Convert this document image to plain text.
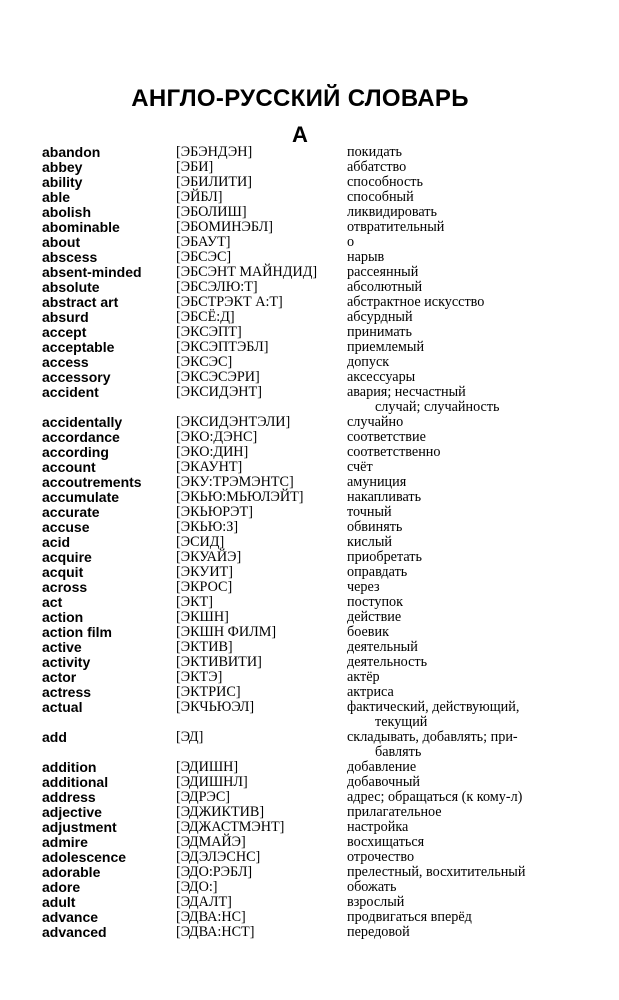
АНГЛО-РУССКИЙ СЛОВАРЬ
A
abandon	[ЭБЭНДЭН]	покидать
abbey	[ЭБИ]	аббатство
ability	[ЭБИЛИТИ]	способность
able	[ЭЙБЛ]	способный
abolish	[ЭБОЛИШ]	ликвидировать
abominable	[ЭБОМИНЭБЛ]	отвратительный
about	[ЭБАУТ]	о
abscess	[ЭБСЭС]	нарыв
absent-minded	[ЭБСЭНТ МАЙНДИД]	рассеянный
absolute	[ЭБСЭЛЮ:Т]	абсолютный
abstract art	[ЭБСТРЭКТ А:Т]	абстрактное искусство
absurd	[ЭБСЁ:Д]	абсурдный
accept	[ЭКСЭПТ]	принимать
acceptable	[ЭКСЭПТЭБЛ]	приемлемый
access	[ЭКСЭС]	допуск
accessory	[ЭКСЭСЭРИ]	аксессуары
accident	[ЭКСИДЭНТ]	авария; несчастный
случай; случайность
accidentally	[ЭКСИДЭНТЭЛИ]	случайно
accordance	[ЭКО:ДЭНС]	соответствие
according	[ЭКО:ДИН]	соответственно
account	[ЭКАУНТ]	счёт
accoutrements	[ЭКУ:ТРЭМЭНТС]	амуниция
accumulate	[ЭКЬЮ:МЬЮЛЭЙТ]	накапливать
accurate	[ЭКЬЮРЭТ]	точный
accuse	[ЭКЬЮ:З]	обвинять
acid	[ЭСИД]	кислый
acquire	[ЭКУАЙЭ]	приобретать
acquit	[ЭКУИТ]	оправдать
across	[ЭКРОС]	через
act	[ЭКТ]	поступок
action	[ЭКШН]	действие
action film	[ЭКШН ФИЛМ]	боевик
active	[ЭКТИВ]	деятельный
activity	[ЭКТИВИТИ]	деятельность
actor	[ЭКТЭ]	актёр
actress	[ЭКТРИС]	актриса
actual	[ЭКЧЬЮЭЛ]	фактический, действующий,
текущий
add	[ЭД]	складывать, добавлять; при-
бавлять
addition	[ЭДИШН]	добавление
additional	[ЭДИШНЛ]	добавочный
address	[ЭДРЭС]	адрес; обращаться (к кому-л)
adjective	[ЭДЖИКТИВ]	прилагательное
adjustment	[ЭДЖАСТМЭНТ]	настройка
admire	[ЭДМАЙЭ]	восхищаться
adolescence	[ЭДЭЛЭСНС]	отрочество
adorable	[ЭДО:РЭБЛ]	прелестный, восхитительный
adore	[ЭДО:]	обожать
adult	[ЭДАЛТ]	взрослый
advance	[ЭДВА:НС]	продвигаться вперёд
advanced	[ЭДВА:НСТ]	передовой
